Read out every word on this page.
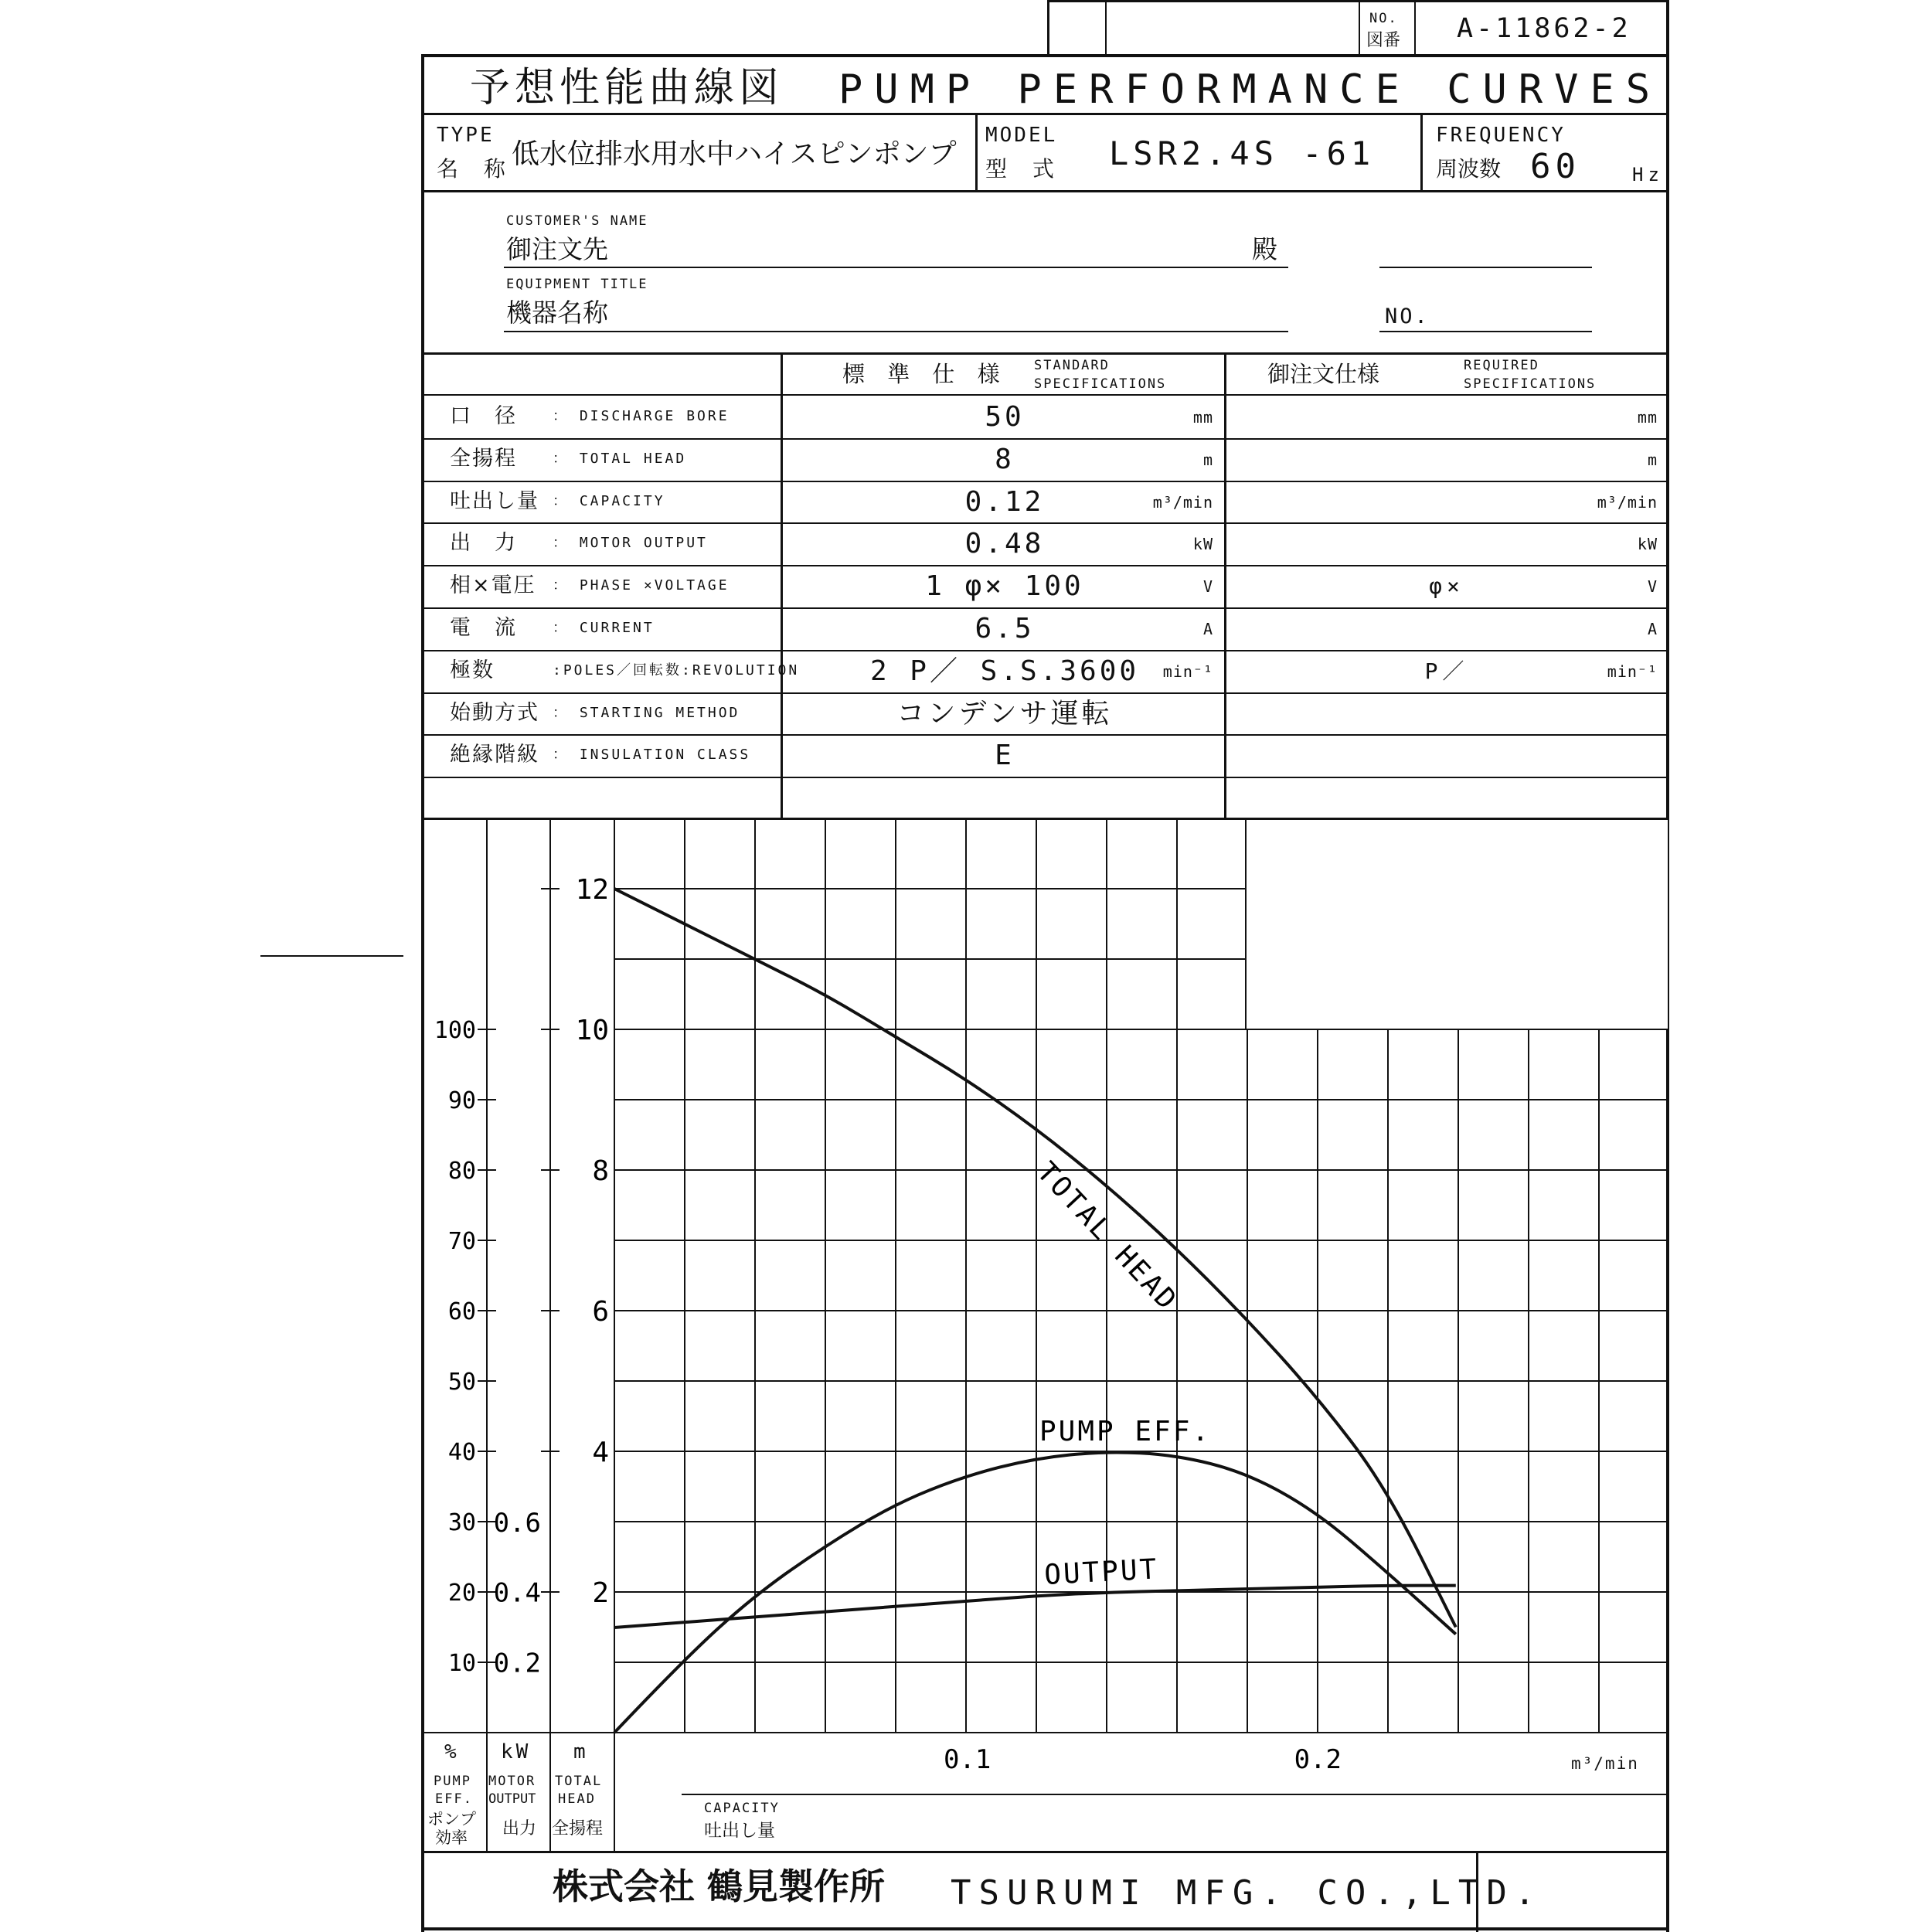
NO.
図番 A-11862-2
予想性能曲線図 PUMP PERFORMANCE CURVES
TYPE
名 称
低水位排水用水中ハイスピンポンプ
MODEL
型 式 LSR2.4S -61	FREQUENCY
周波数 60	Hz
CUSTOMER'S NAME
御注文先	殿
EQUIPMENT TITLE
機器名称	NO.
標 準 仕 様 STANDARD
SPECIFICATIONS	御注文仕様	REQUIRED
SPECIFICATIONS
口　径	： DISCHARGE BORE	50	mm	mm
全揚程	： TOTAL HEAD	8	m	m
吐出し量 ： CAPACITY	0.12	m³/min	m³/min
出　力	： MOTOR OUTPUT	0.48	kW	kW
相×電圧 ： PHASE ×VOLTAGE	1 φ× 100	V	φ×	V
電　流	： CURRENT	6.5	A	A
極数	:POLES／回転数:REVOLUTION	2 P／ S.S.3600	min⁻¹	P／	min⁻¹
始動方式 ： STARTING METHOD	コンデンサ運転
絶縁階級 ： INSULATION CLASS	E
2
4
6
8
10
12
10
20
30
40
50
60
70
80
90
100
0.2
0.4
0.6
0.1	0.2
TOTAL HEAD
PUMP EFF.
OUTPUT
% kW m
PUMP
EFF.
ポンプ
効率
MOTOR
OUTPUT
出力
TOTAL
HEAD
全揚程
CAPACITY
吐出し量
m³/min
株式会社 鶴見製作所 TSURUMI MFG. CO.,LTD.
